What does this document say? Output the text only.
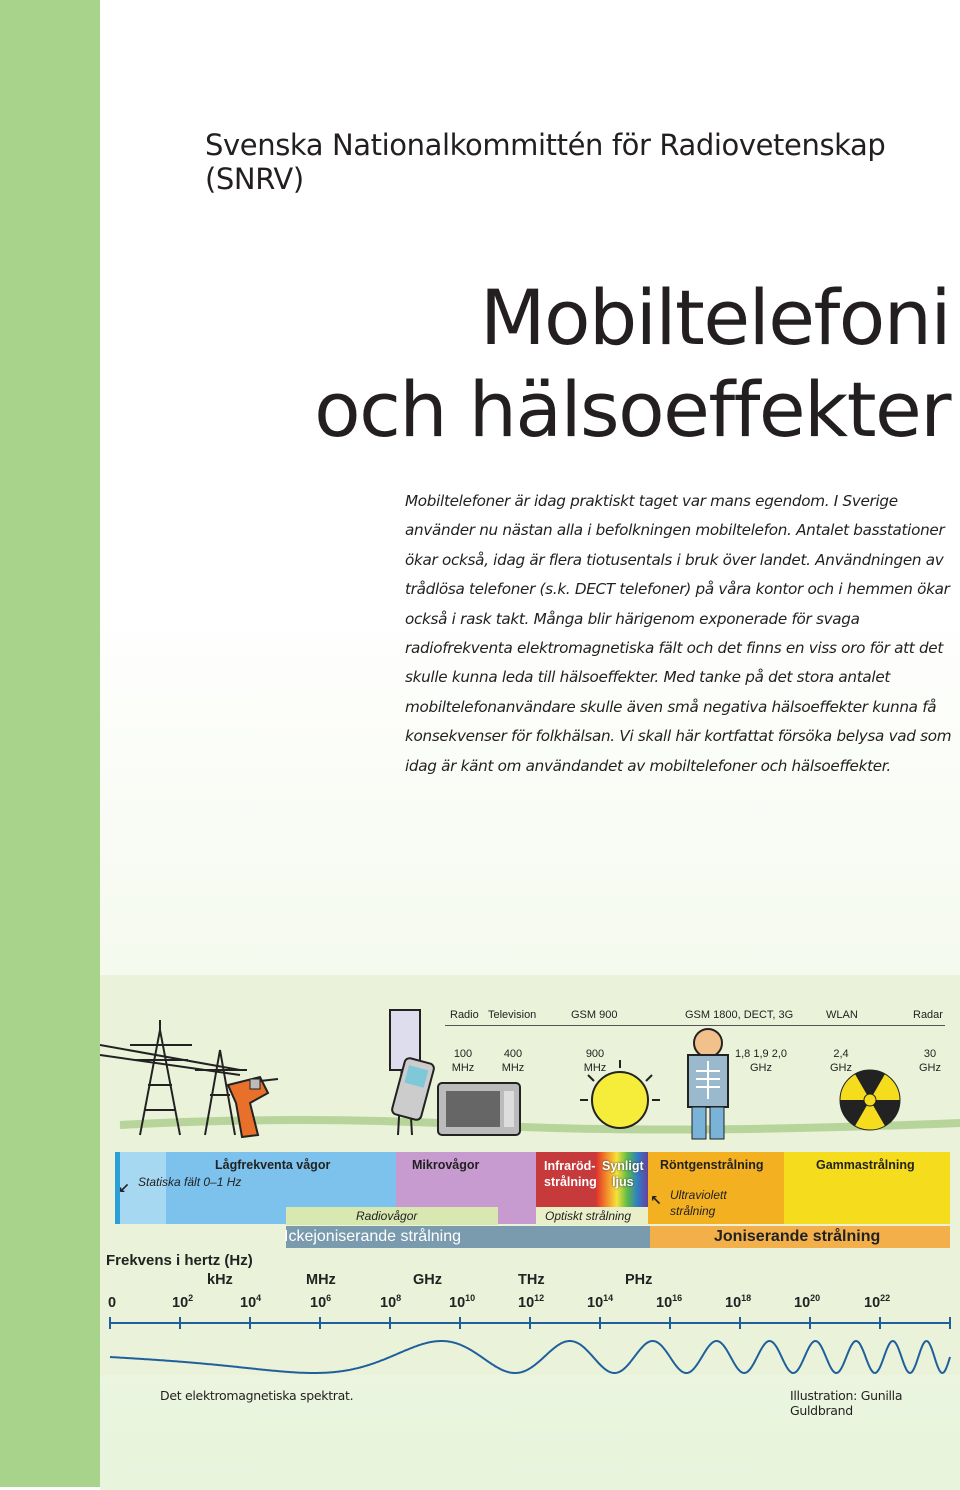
Svenska Nationalkommittén för Radiovetenskap (SNRV)
Mobiltelefoni
och hälsoeffekter
Mobiltelefoner är idag praktiskt taget var mans egendom. I Sverige använder nu nästan alla i befolkningen mobiltelefon. Antalet basstationer ökar också, idag är flera tiotusentals i bruk över landet. Användningen av trådlösa telefoner (s.k. DECT telefoner) på våra kontor och i hemmen ökar också i rask takt. Många blir härigenom exponerade för svaga radiofrekventa elektromagnetiska fält och det finns en viss oro för att det skulle kunna leda till hälsoeffekter. Med tanke på det stora antalet mobiltelefonanvändare skulle även små negativa hälsoeffekter kunna få konsekvenser för folkhälsan. Vi skall här kortfattat försöka belysa vad som idag är känt om användandet av mobiltelefoner och hälsoeffekter.
Radio Television	GSM 900	GSM 1800, DECT, 3G	WLAN	Radar
100
MHz
400
MHz
900
MHz
1,8 1,9 2,0
GHz
2,4
GHz
30
GHz
Lågfrekventa vågor
Statiska fält 0–1 Hz
↙
Mikrovågor	Infraröd-
strålning
Synligt
ljus
Röntgenstrålning	Gammastrålning
Ultraviolett
strålning
↖
Radiovågor	Optiskt strålning
Ickejoniserande strålning	Joniserande strålning
Frekvens i hertz (Hz)
kHz	MHz	GHz	THz	PHz
0	$10^2$	$10^4$	$10^6$	$10^8$	$10^{10}$	$10^{12}$	$10^{14}$	$10^{16}$	$10^{18}$	$10^{20}$	$10^{22}$
Det elektromagnetiska spektrat.	Illustration: Gunilla Guldbrand
